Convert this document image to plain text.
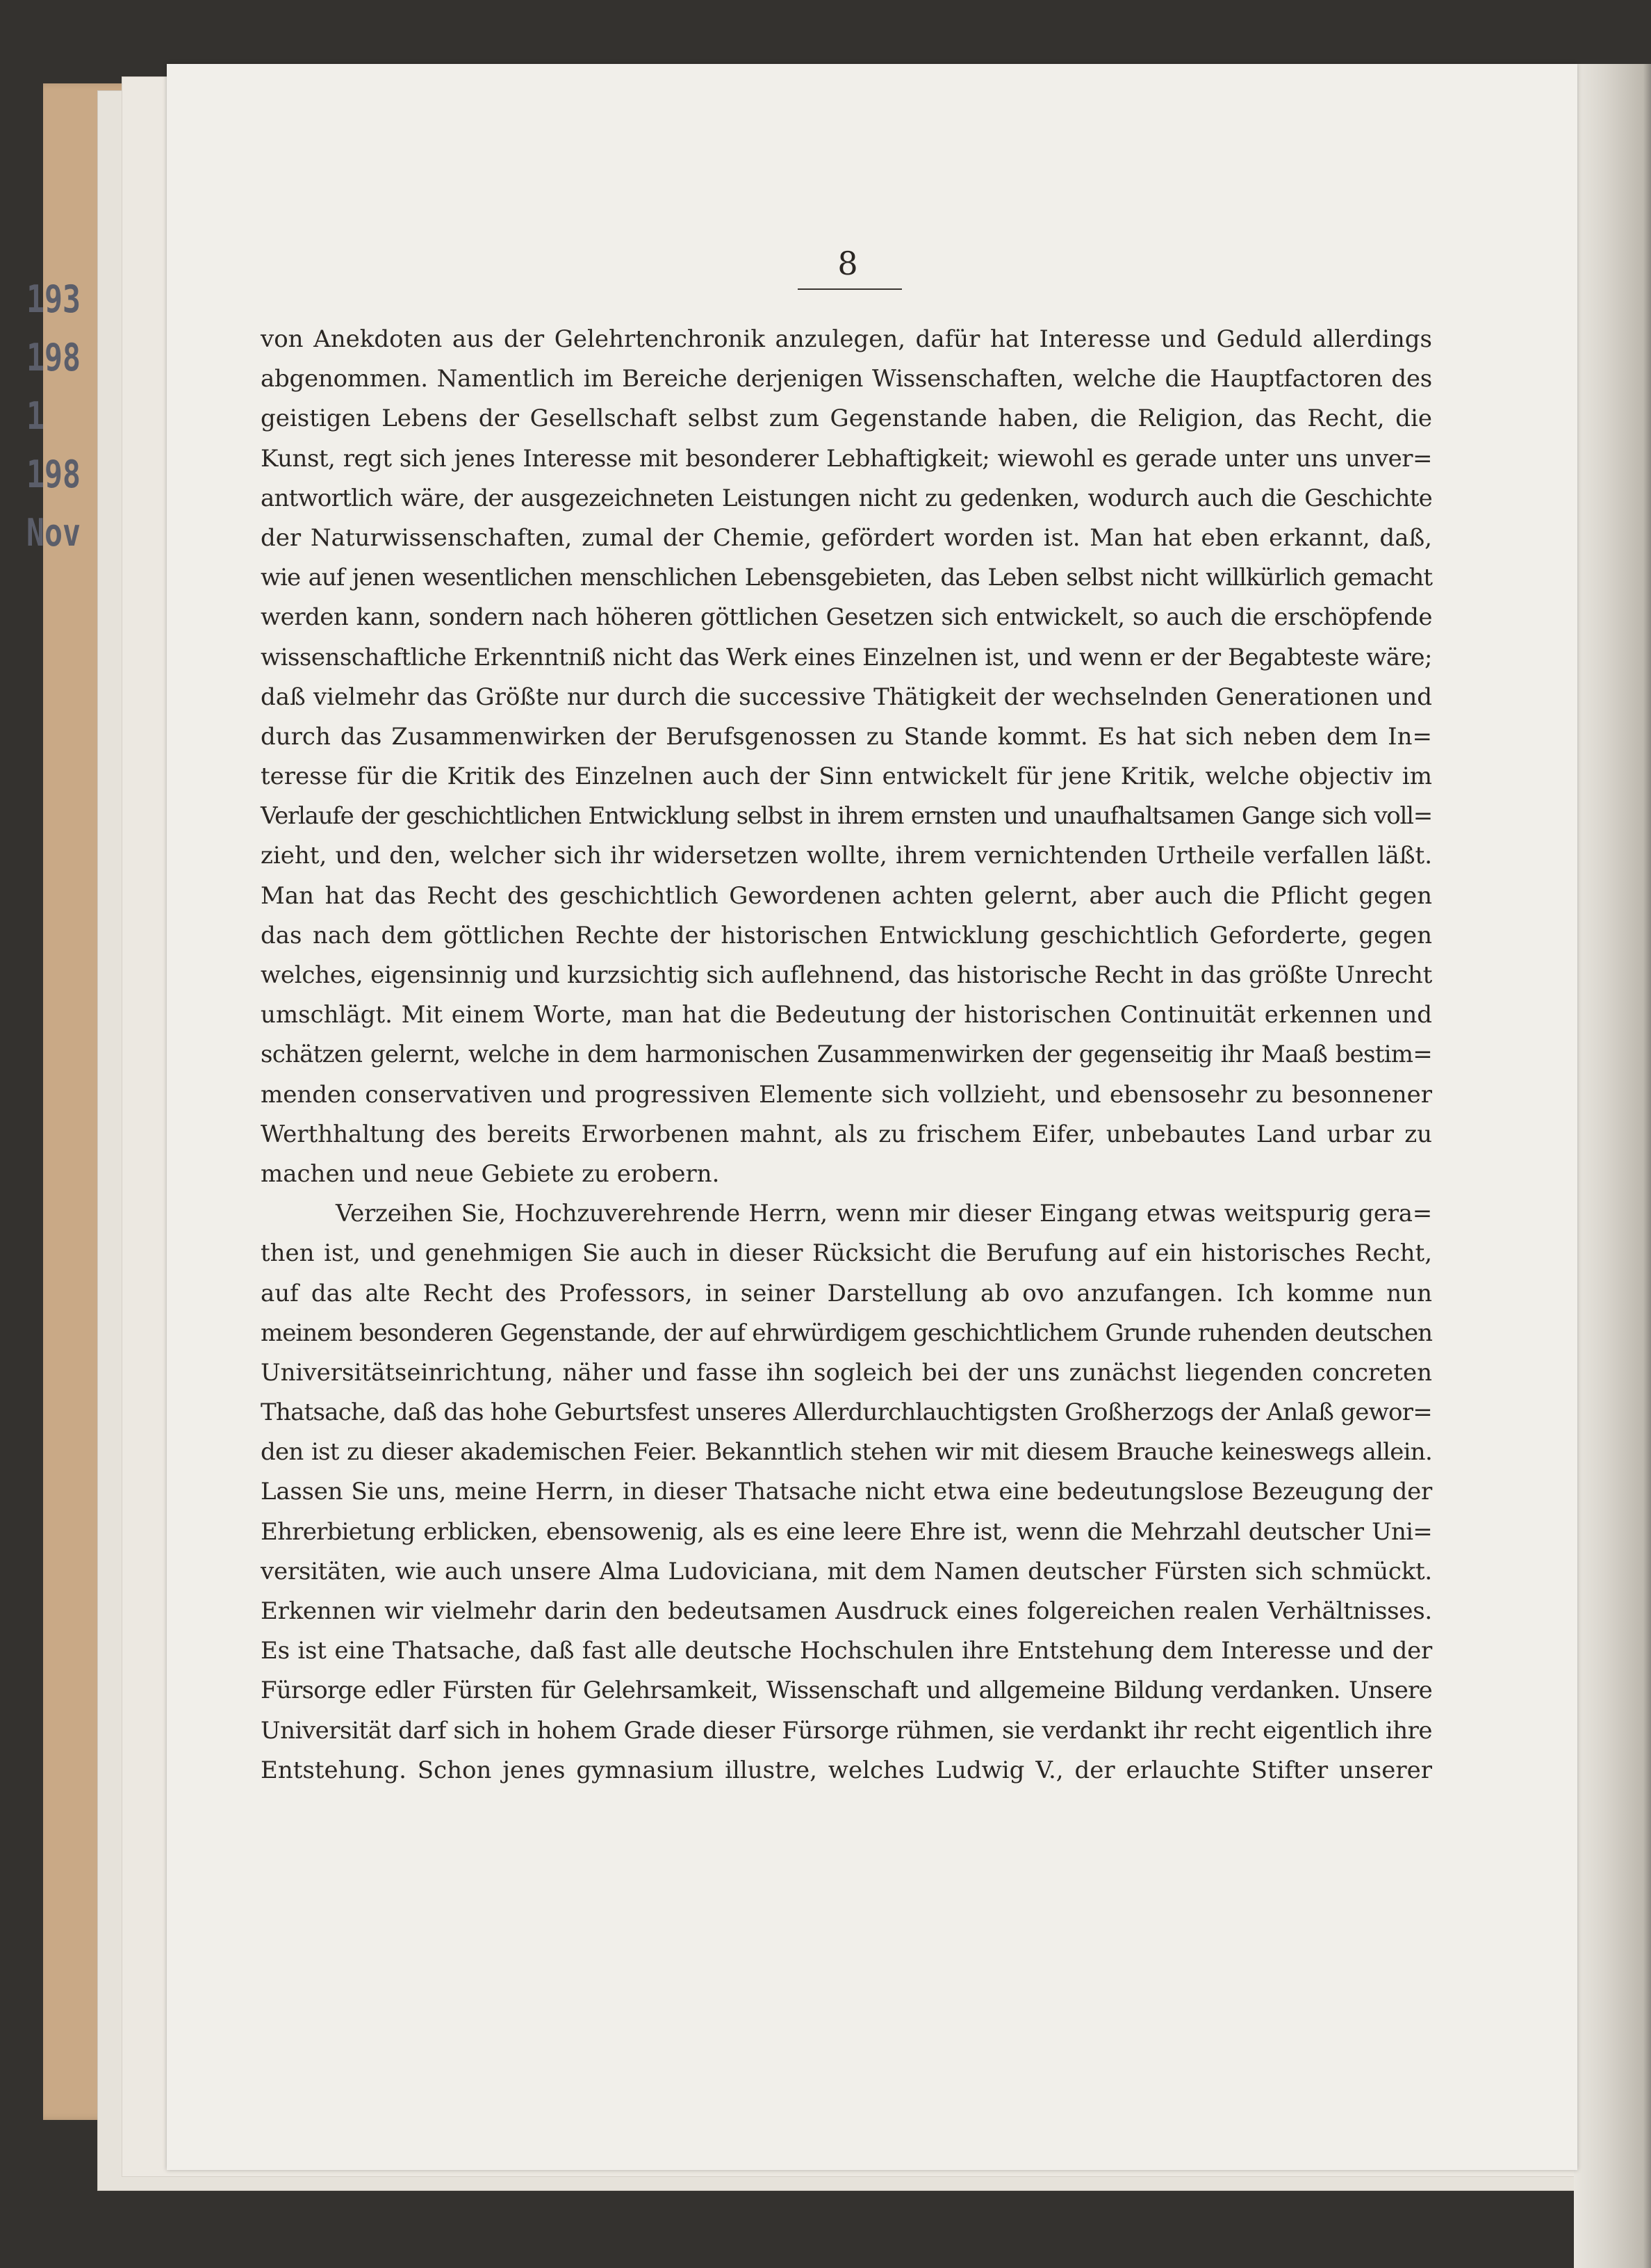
193
198
1
198
Nov
8
von Anekdoten aus der Gelehrtenchronik anzulegen, dafür hat Interesse und Geduld allerdings
abgenommen. Namentlich im Bereiche derjenigen Wissenschaften, welche die Hauptfactoren des
geistigen Lebens der Gesellschaft selbst zum Gegenstande haben, die Religion, das Recht, die
Kunst, regt sich jenes Interesse mit besonderer Lebhaftigkeit; wiewohl es gerade unter uns unver=
antwortlich wäre, der ausgezeichneten Leistungen nicht zu gedenken, wodurch auch die Geschichte
der Naturwissenschaften, zumal der Chemie, gefördert worden ist. Man hat eben erkannt, daß,
wie auf jenen wesentlichen menschlichen Lebensgebieten, das Leben selbst nicht willkürlich gemacht
werden kann, sondern nach höheren göttlichen Gesetzen sich entwickelt, so auch die erschöpfende
wissenschaftliche Erkenntniß nicht das Werk eines Einzelnen ist, und wenn er der Begabteste wäre;
daß vielmehr das Größte nur durch die successive Thätigkeit der wechselnden Generationen und
durch das Zusammenwirken der Berufsgenossen zu Stande kommt. Es hat sich neben dem In=
teresse für die Kritik des Einzelnen auch der Sinn entwickelt für jene Kritik, welche objectiv im
Verlaufe der geschichtlichen Entwicklung selbst in ihrem ernsten und unaufhaltsamen Gange sich voll=
zieht, und den, welcher sich ihr widersetzen wollte, ihrem vernichtenden Urtheile verfallen läßt.
Man hat das Recht des geschichtlich Gewordenen achten gelernt, aber auch die Pflicht gegen
das nach dem göttlichen Rechte der historischen Entwicklung geschichtlich Geforderte, gegen
welches, eigensinnig und kurzsichtig sich auflehnend, das historische Recht in das größte Unrecht
umschlägt. Mit einem Worte, man hat die Bedeutung der historischen Continuität erkennen und
schätzen gelernt, welche in dem harmonischen Zusammenwirken der gegenseitig ihr Maaß bestim=
menden conservativen und progressiven Elemente sich vollzieht, und ebensosehr zu besonnener
Werthhaltung des bereits Erworbenen mahnt, als zu frischem Eifer, unbebautes Land urbar zu
machen und neue Gebiete zu erobern.
Verzeihen Sie, Hochzuverehrende Herrn, wenn mir dieser Eingang etwas weitspurig gera=
then ist, und genehmigen Sie auch in dieser Rücksicht die Berufung auf ein historisches Recht,
auf das alte Recht des Professors, in seiner Darstellung ab ovo anzufangen. Ich komme nun
meinem besonderen Gegenstande, der auf ehrwürdigem geschichtlichem Grunde ruhenden deutschen
Universitätseinrichtung, näher und fasse ihn sogleich bei der uns zunächst liegenden concreten
Thatsache, daß das hohe Geburtsfest unseres Allerdurchlauchtigsten Großherzogs der Anlaß gewor=
den ist zu dieser akademischen Feier. Bekanntlich stehen wir mit diesem Brauche keineswegs allein.
Lassen Sie uns, meine Herrn, in dieser Thatsache nicht etwa eine bedeutungslose Bezeugung der
Ehrerbietung erblicken, ebensowenig, als es eine leere Ehre ist, wenn die Mehrzahl deutscher Uni=
versitäten, wie auch unsere Alma Ludoviciana, mit dem Namen deutscher Fürsten sich schmückt.
Erkennen wir vielmehr darin den bedeutsamen Ausdruck eines folgereichen realen Verhältnisses.
Es ist eine Thatsache, daß fast alle deutsche Hochschulen ihre Entstehung dem Interesse und der
Fürsorge edler Fürsten für Gelehrsamkeit, Wissenschaft und allgemeine Bildung verdanken. Unsere
Universität darf sich in hohem Grade dieser Fürsorge rühmen, sie verdankt ihr recht eigentlich ihre
Entstehung. Schon jenes gymnasium illustre, welches Ludwig V., der erlauchte Stifter unserer
